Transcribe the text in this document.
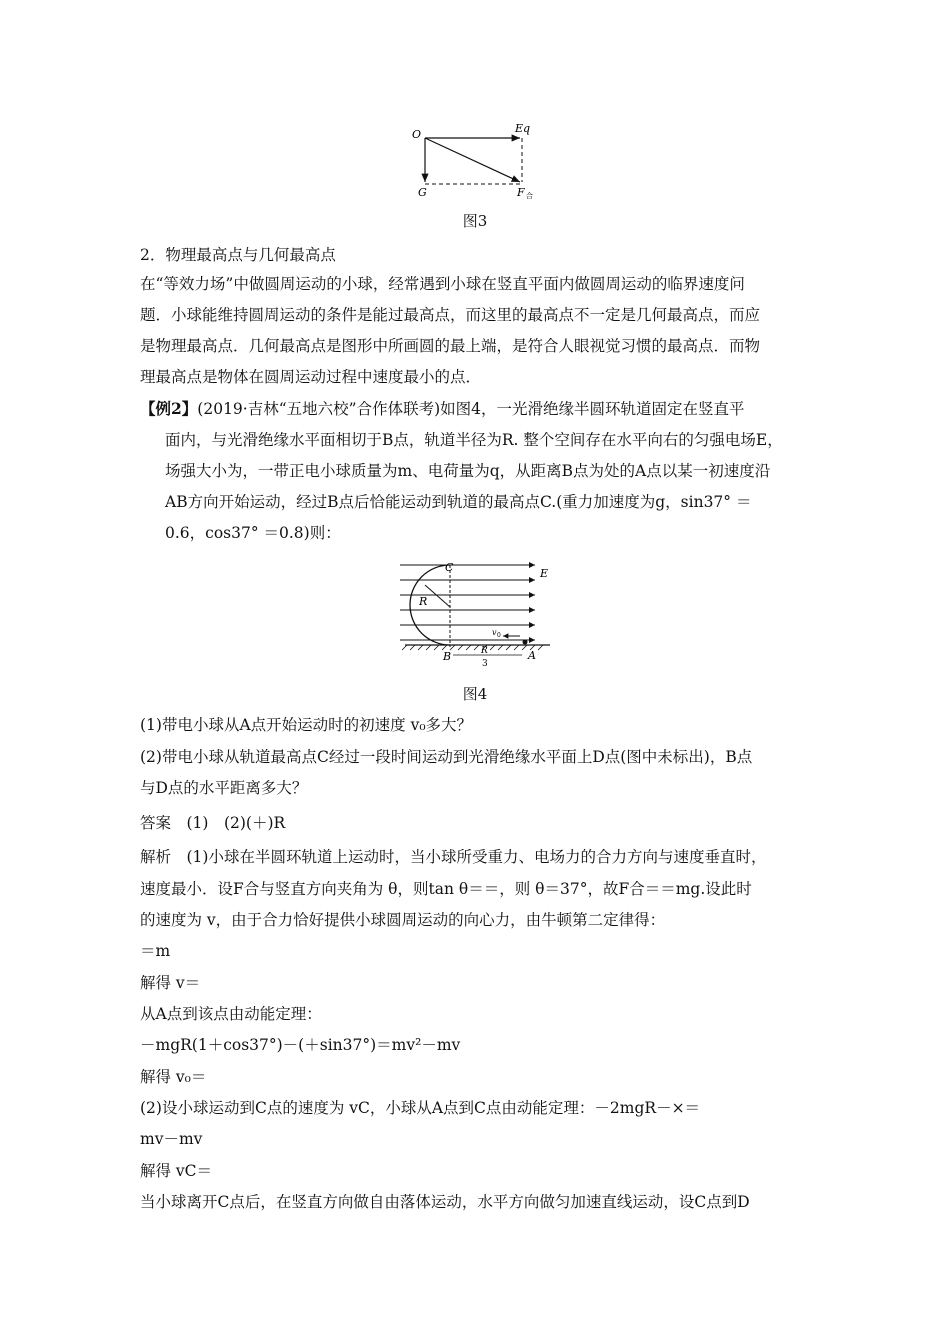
O	Eq
G	F 合
图3
2．物理最高点与几何最高点
在“等效力场”中做圆周运动的小球，经常遇到小球在竖直平面内做圆周运动的临界速度问
题．小球能维持圆周运动的条件是能过最高点，而这里的最高点不一定是几何最高点，而应
是物理最高点．几何最高点是图形中所画圆的最上端，是符合人眼视觉习惯的最高点．而物
理最高点是物体在圆周运动过程中速度最小的点．
【例2】(2019·吉林“五地六校”合作体联考)如图4，一光滑绝缘半圆环轨道固定在竖直平
面内，与光滑绝缘水平面相切于B点，轨道半径为R. 整个空间存在水平向右的匀强电场E，
场强大小为，一带正电小球质量为m、电荷量为q，从距离B点为处的A点以某一初速度沿
AB方向开始运动，经过B点后恰能运动到轨道的最高点C.(重力加速度为g，sin37° ＝
0.6，cos37° ＝0.8)则：
C	E
R
v 0
B	A
R
3
图4
(1)带电小球从A点开始运动时的初速度 v₀多大？
(2)带电小球从轨道最高点C经过一段时间运动到光滑绝缘水平面上D点(图中未标出)，B点
与D点的水平距离多大？
答案　(1)　(2)(＋)R
解析　(1)小球在半圆环轨道上运动时，当小球所受重力、电场力的合力方向与速度垂直时，
速度最小．设F合与竖直方向夹角为 θ，则tan θ＝＝，则 θ＝37°，故F合＝＝mg.设此时
的速度为 v，由于合力恰好提供小球圆周运动的向心力，由牛顿第二定律得：
＝m
解得 v＝
从A点到该点由动能定理：
－mgR(1＋cos37°)－(＋sin37°)＝mv²－mv
解得 v₀＝
(2)设小球运动到C点的速度为 vC，小球从A点到C点由动能定理：－2mgR－×＝
mv－mv
解得 vC＝
当小球离开C点后，在竖直方向做自由落体运动，水平方向做匀加速直线运动，设C点到D
